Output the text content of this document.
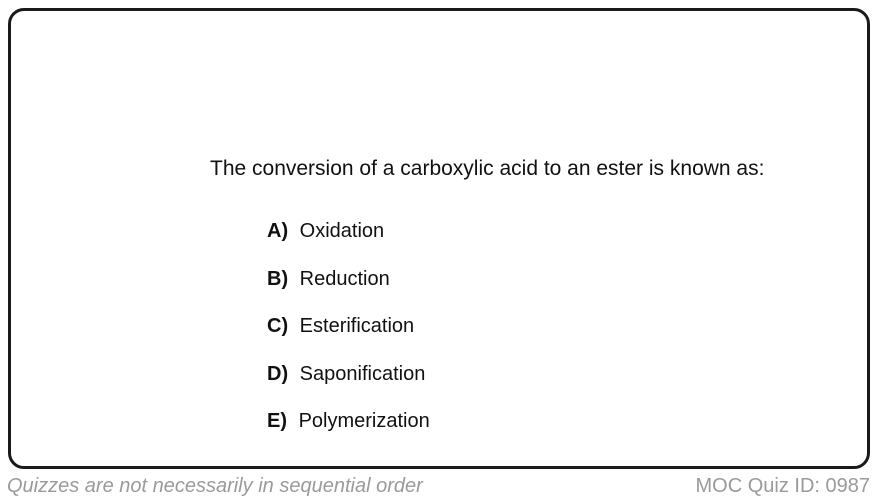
The conversion of a carboxylic acid to an ester is known as:

A) Oxidation
B) Reduction
C) Esterification
D) Saponification
E) Polymerization
Quizzes are not necessarily in sequential order	MOC Quiz ID: 0987
